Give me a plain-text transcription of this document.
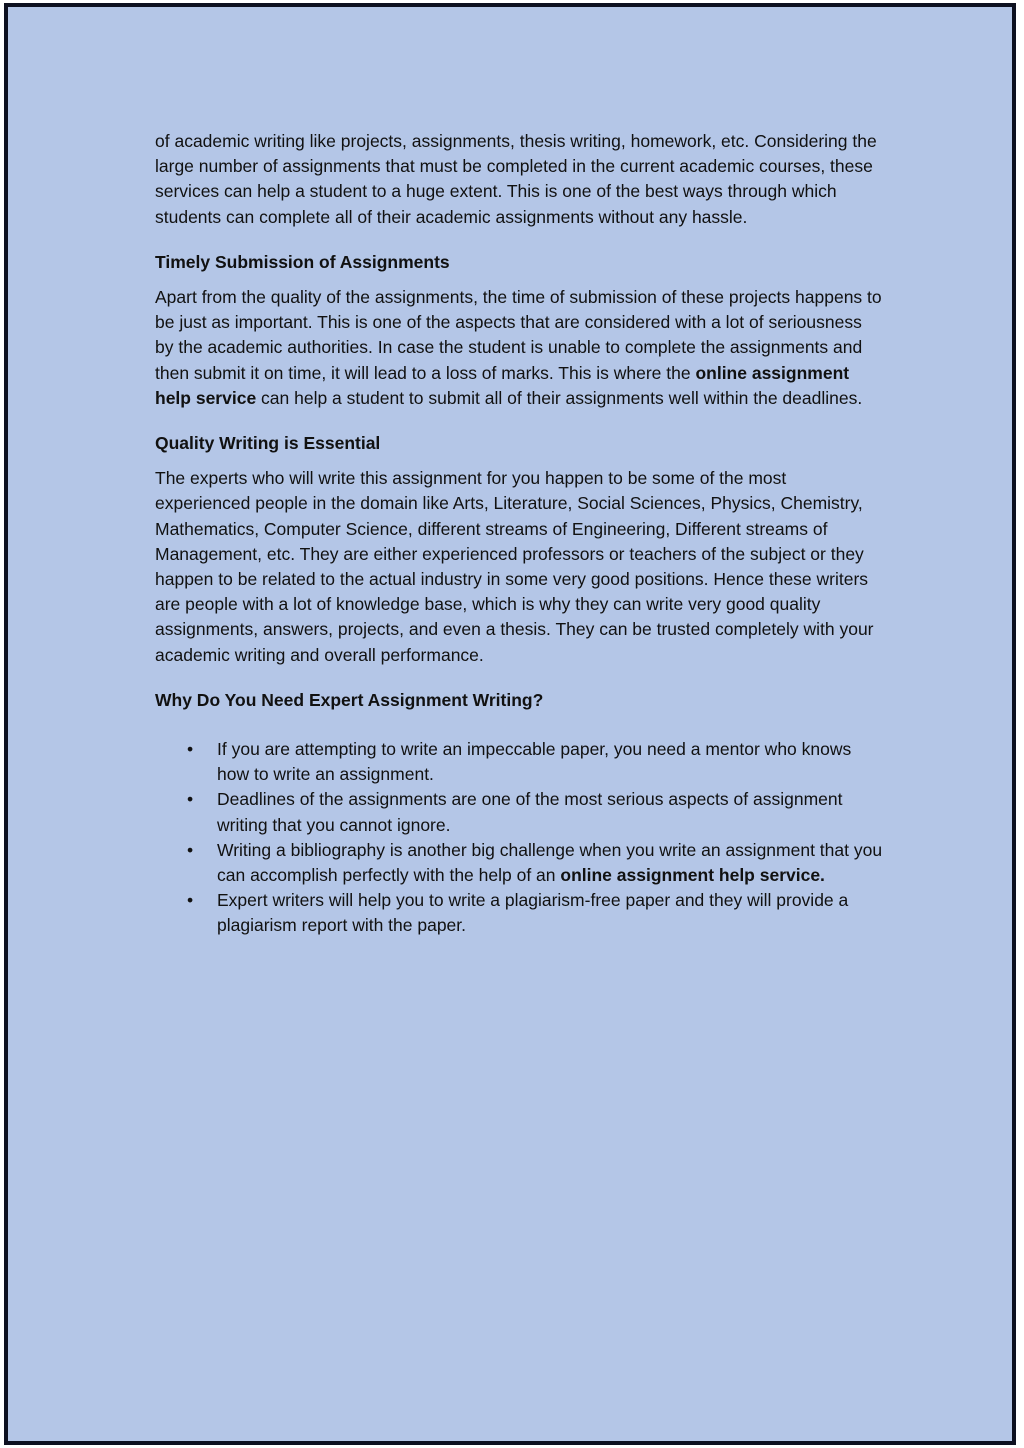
of academic writing like projects, assignments, thesis writing, homework, etc. Considering the large number of assignments that must be completed in the current academic courses, these services can help a student to a huge extent. This is one of the best ways through which students can complete all of their academic assignments without any hassle.

Timely Submission of Assignments

Apart from the quality of the assignments, the time of submission of these projects happens to be just as important. This is one of the aspects that are considered with a lot of seriousness by the academic authorities. In case the student is unable to complete the assignments and then submit it on time, it will lead to a loss of marks. This is where the online assignment help service can help a student to submit all of their assignments well within the deadlines.

Quality Writing is Essential

The experts who will write this assignment for you happen to be some of the most experienced people in the domain like Arts, Literature, Social Sciences, Physics, Chemistry, Mathematics, Computer Science, different streams of Engineering, Different streams of Management, etc. They are either experienced professors or teachers of the subject or they happen to be related to the actual industry in some very good positions. Hence these writers are people with a lot of knowledge base, which is why they can write very good quality assignments, answers, projects, and even a thesis. They can be trusted completely with your academic writing and overall performance.

Why Do You Need Expert Assignment Writing?
• If you are attempting to write an impeccable paper, you need a mentor who knows how to write an assignment.
• Deadlines of the assignments are one of the most serious aspects of assignment writing that you cannot ignore.
• Writing a bibliography is another big challenge when you write an assignment that you can accomplish perfectly with the help of an online assignment help service.
• Expert writers will help you to write a plagiarism-free paper and they will provide a plagiarism report with the paper.
